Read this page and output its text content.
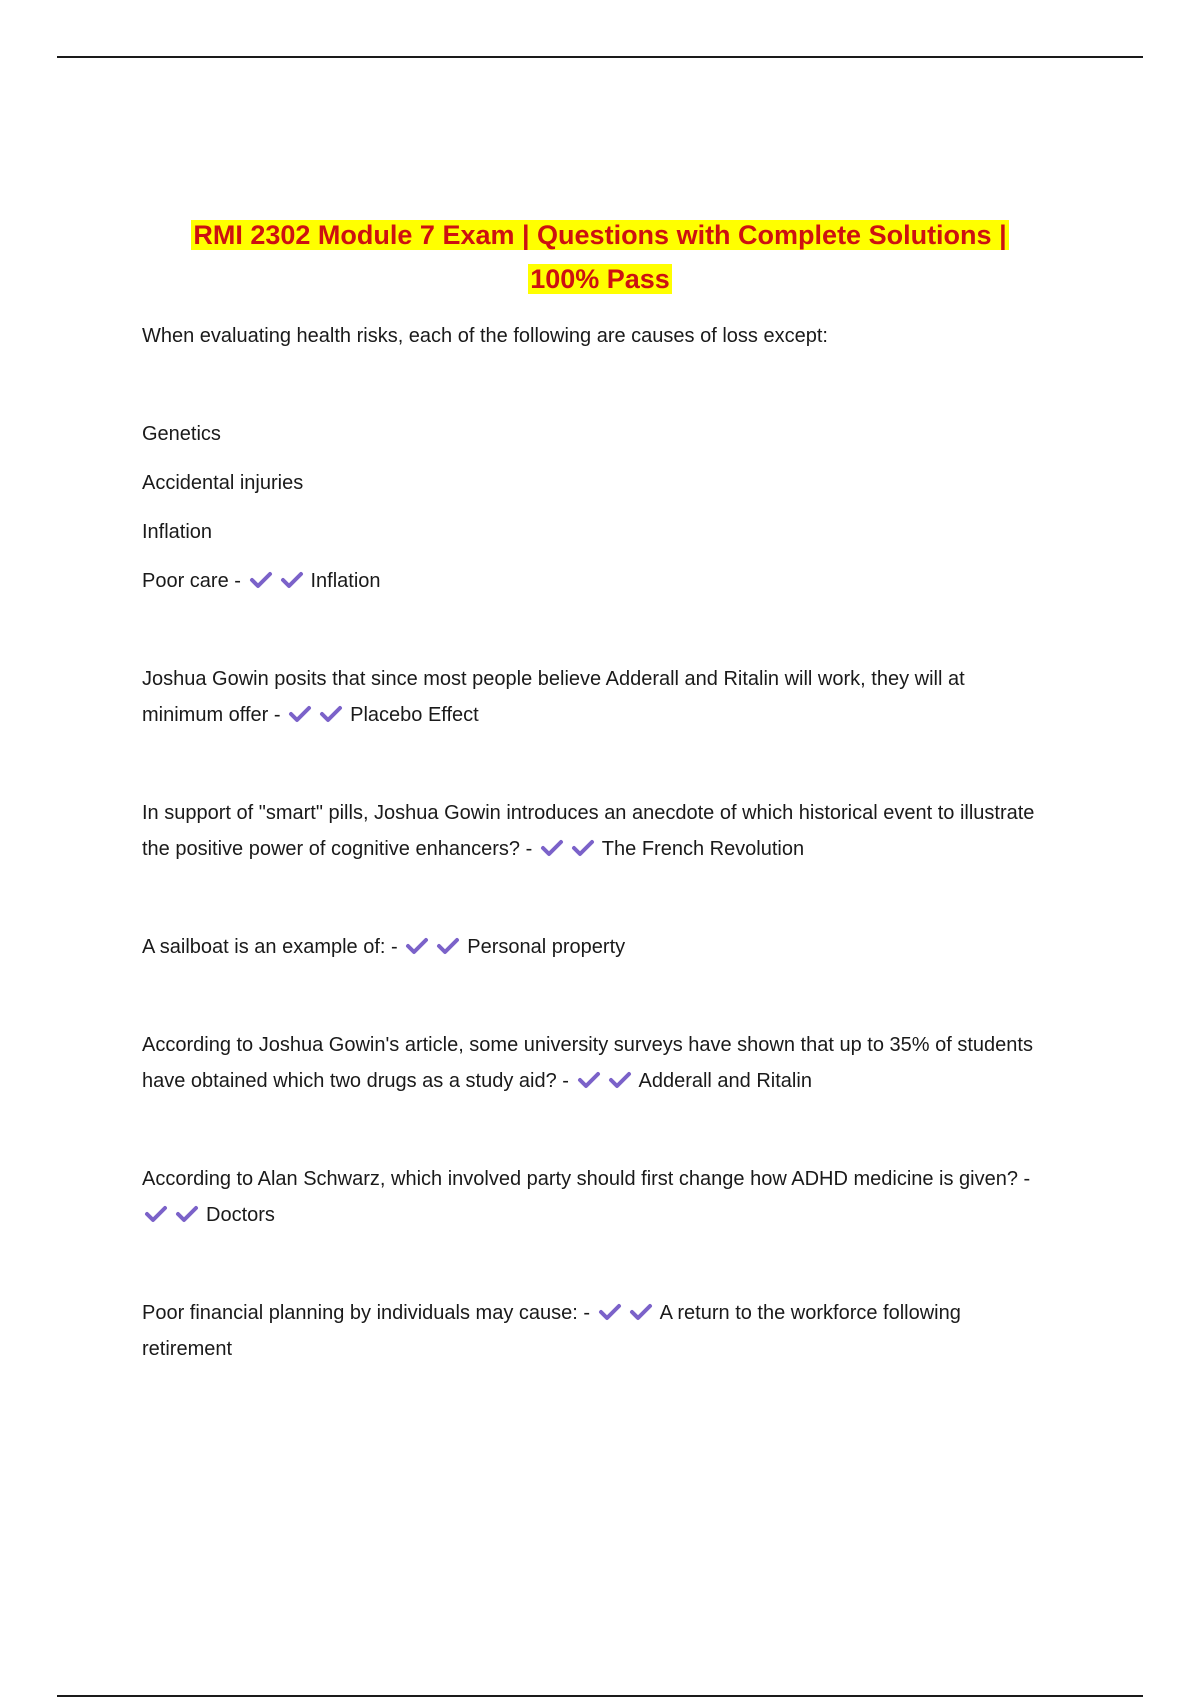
RMI 2302 Module 7 Exam | Questions with Complete Solutions |
100% Pass

When evaluating health risks, each of the following are causes of loss except:

Genetics

Accidental injuries

Inflation

Poor care -	Inflation

Joshua Gowin posits that since most people believe Adderall and Ritalin will work, they will at minimum offer -	Placebo Effect

In support of "smart" pills, Joshua Gowin introduces an anecdote of which historical event to illustrate the positive power of cognitive enhancers? -	The French Revolution

A sailboat is an example of: -	Personal property

According to Joshua Gowin's article, some university surveys have shown that up to 35% of students have obtained which two drugs as a study aid? -	Adderall and Ritalin

According to Alan Schwarz, which involved party should first change how ADHD medicine is given? - Doctors

Poor financial planning by individuals may cause: -	A return to the workforce following retirement
